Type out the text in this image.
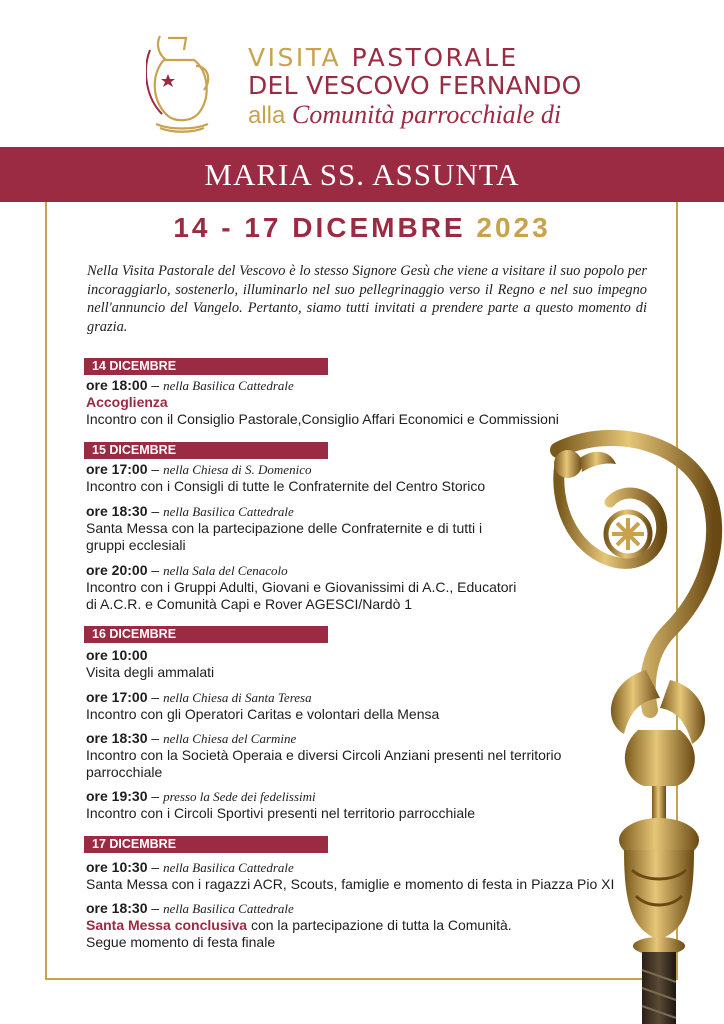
VISITA PASTORALE
DEL VESCOVO FERNANDO
alla Comunità parrocchiale di
MARIA SS. ASSUNTA
14 - 17 DICEMBRE 2023
Nella Visita Pastorale del Vescovo è lo stesso Signore Gesù che viene a visitare il suo popolo per incoraggiarlo, sostenerlo, illuminarlo nel suo pellegrinaggio verso il Regno e nel suo impegno nell'annuncio del Vangelo. Pertanto, siamo tutti invitati a prendere parte a questo momento di grazia.
14 DICEMBRE
ore 18:00 – nella Basilica Cattedrale
Accoglienza
Incontro con il Consiglio Pastorale,Consiglio Affari Economici e Commissioni
15 DICEMBRE
ore 17:00 – nella Chiesa di S. Domenico
Incontro con i Consigli di tutte le Confraternite del Centro Storico
ore 18:30 – nella Basilica Cattedrale
Santa Messa con la partecipazione delle Confraternite e di tutti i
gruppi ecclesiali
ore 20:00 – nella Sala del Cenacolo
Incontro con i Gruppi Adulti, Giovani e Giovanissimi di A.C., Educatori
di A.C.R. e Comunità Capi e Rover AGESCI/Nardò 1
16 DICEMBRE
ore 10:00
Visita degli ammalati
ore 17:00 – nella Chiesa di Santa Teresa
Incontro con gli Operatori Caritas e volontari della Mensa
ore 18:30 – nella Chiesa del Carmine
Incontro con la Società Operaia e diversi Circoli Anziani presenti nel territorio
parrocchiale
ore 19:30 – presso la Sede dei fedelissimi
Incontro con i Circoli Sportivi presenti nel territorio parrocchiale
17 DICEMBRE
ore 10:30 – nella Basilica Cattedrale
Santa Messa con i ragazzi ACR, Scouts, famiglie e momento di festa in Piazza Pio XI
ore 18:30 – nella Basilica Cattedrale
Santa Messa conclusiva con la partecipazione di tutta la Comunità.
Segue momento di festa finale
